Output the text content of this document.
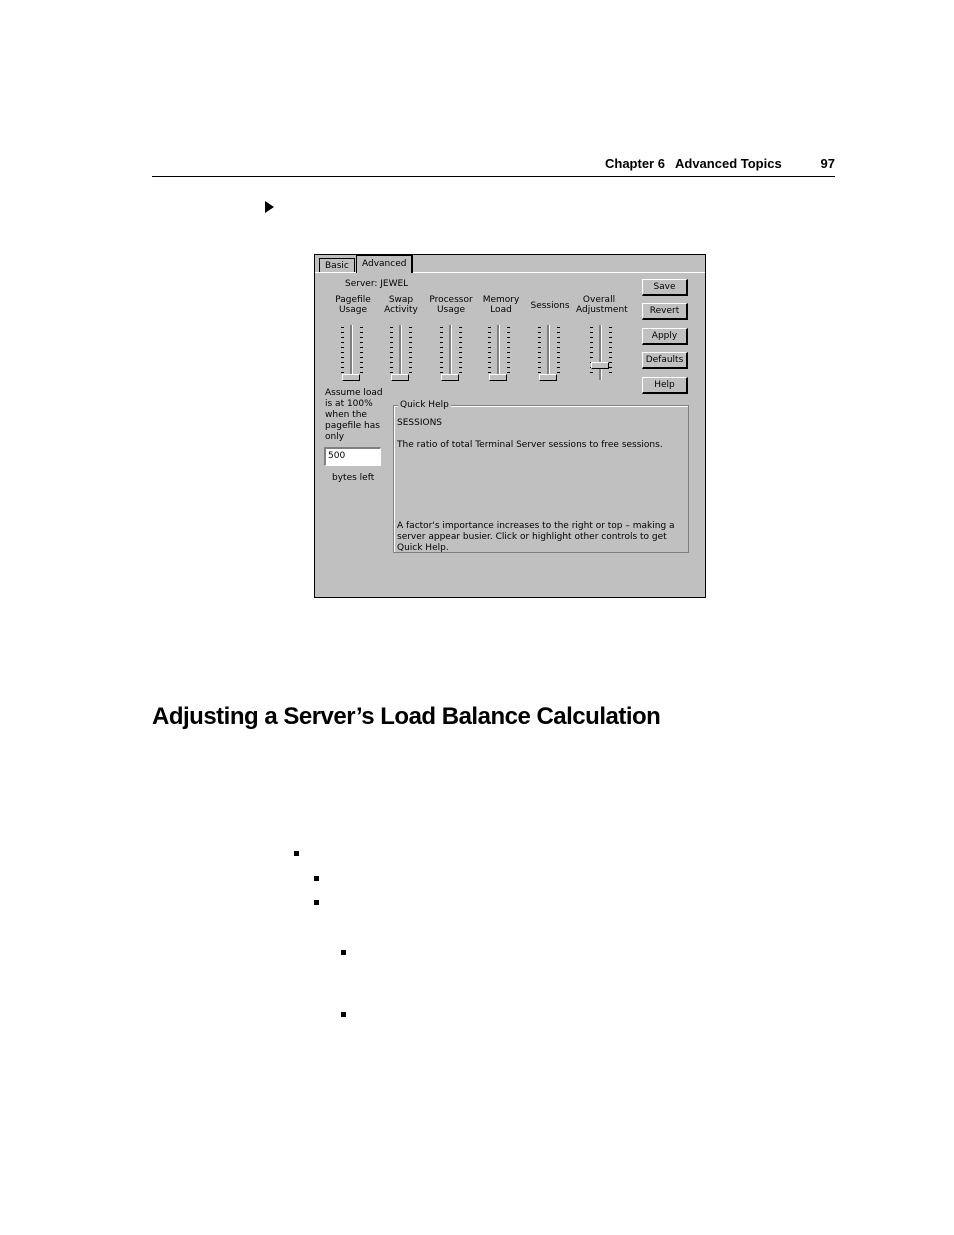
Chapter 6 Advanced Topics	97
Basic	Advanced
Server: JEWEL
Pagefile
Usage
Swap
Activity
Processor
Usage
Memory
Load	Sessions
Overall
Adjustment
Save
Revert
Apply
Defaults
Help
Assume load is at 100% when the pagefile has only
500
bytes left
Quick Help
SESSIONS
The ratio of total Terminal Server sessions to free sessions.
A factor's importance increases to the right or top – making a server appear busier. Click or highlight other controls to get Quick Help.
Adjusting a Server’s Load Balance Calculation
